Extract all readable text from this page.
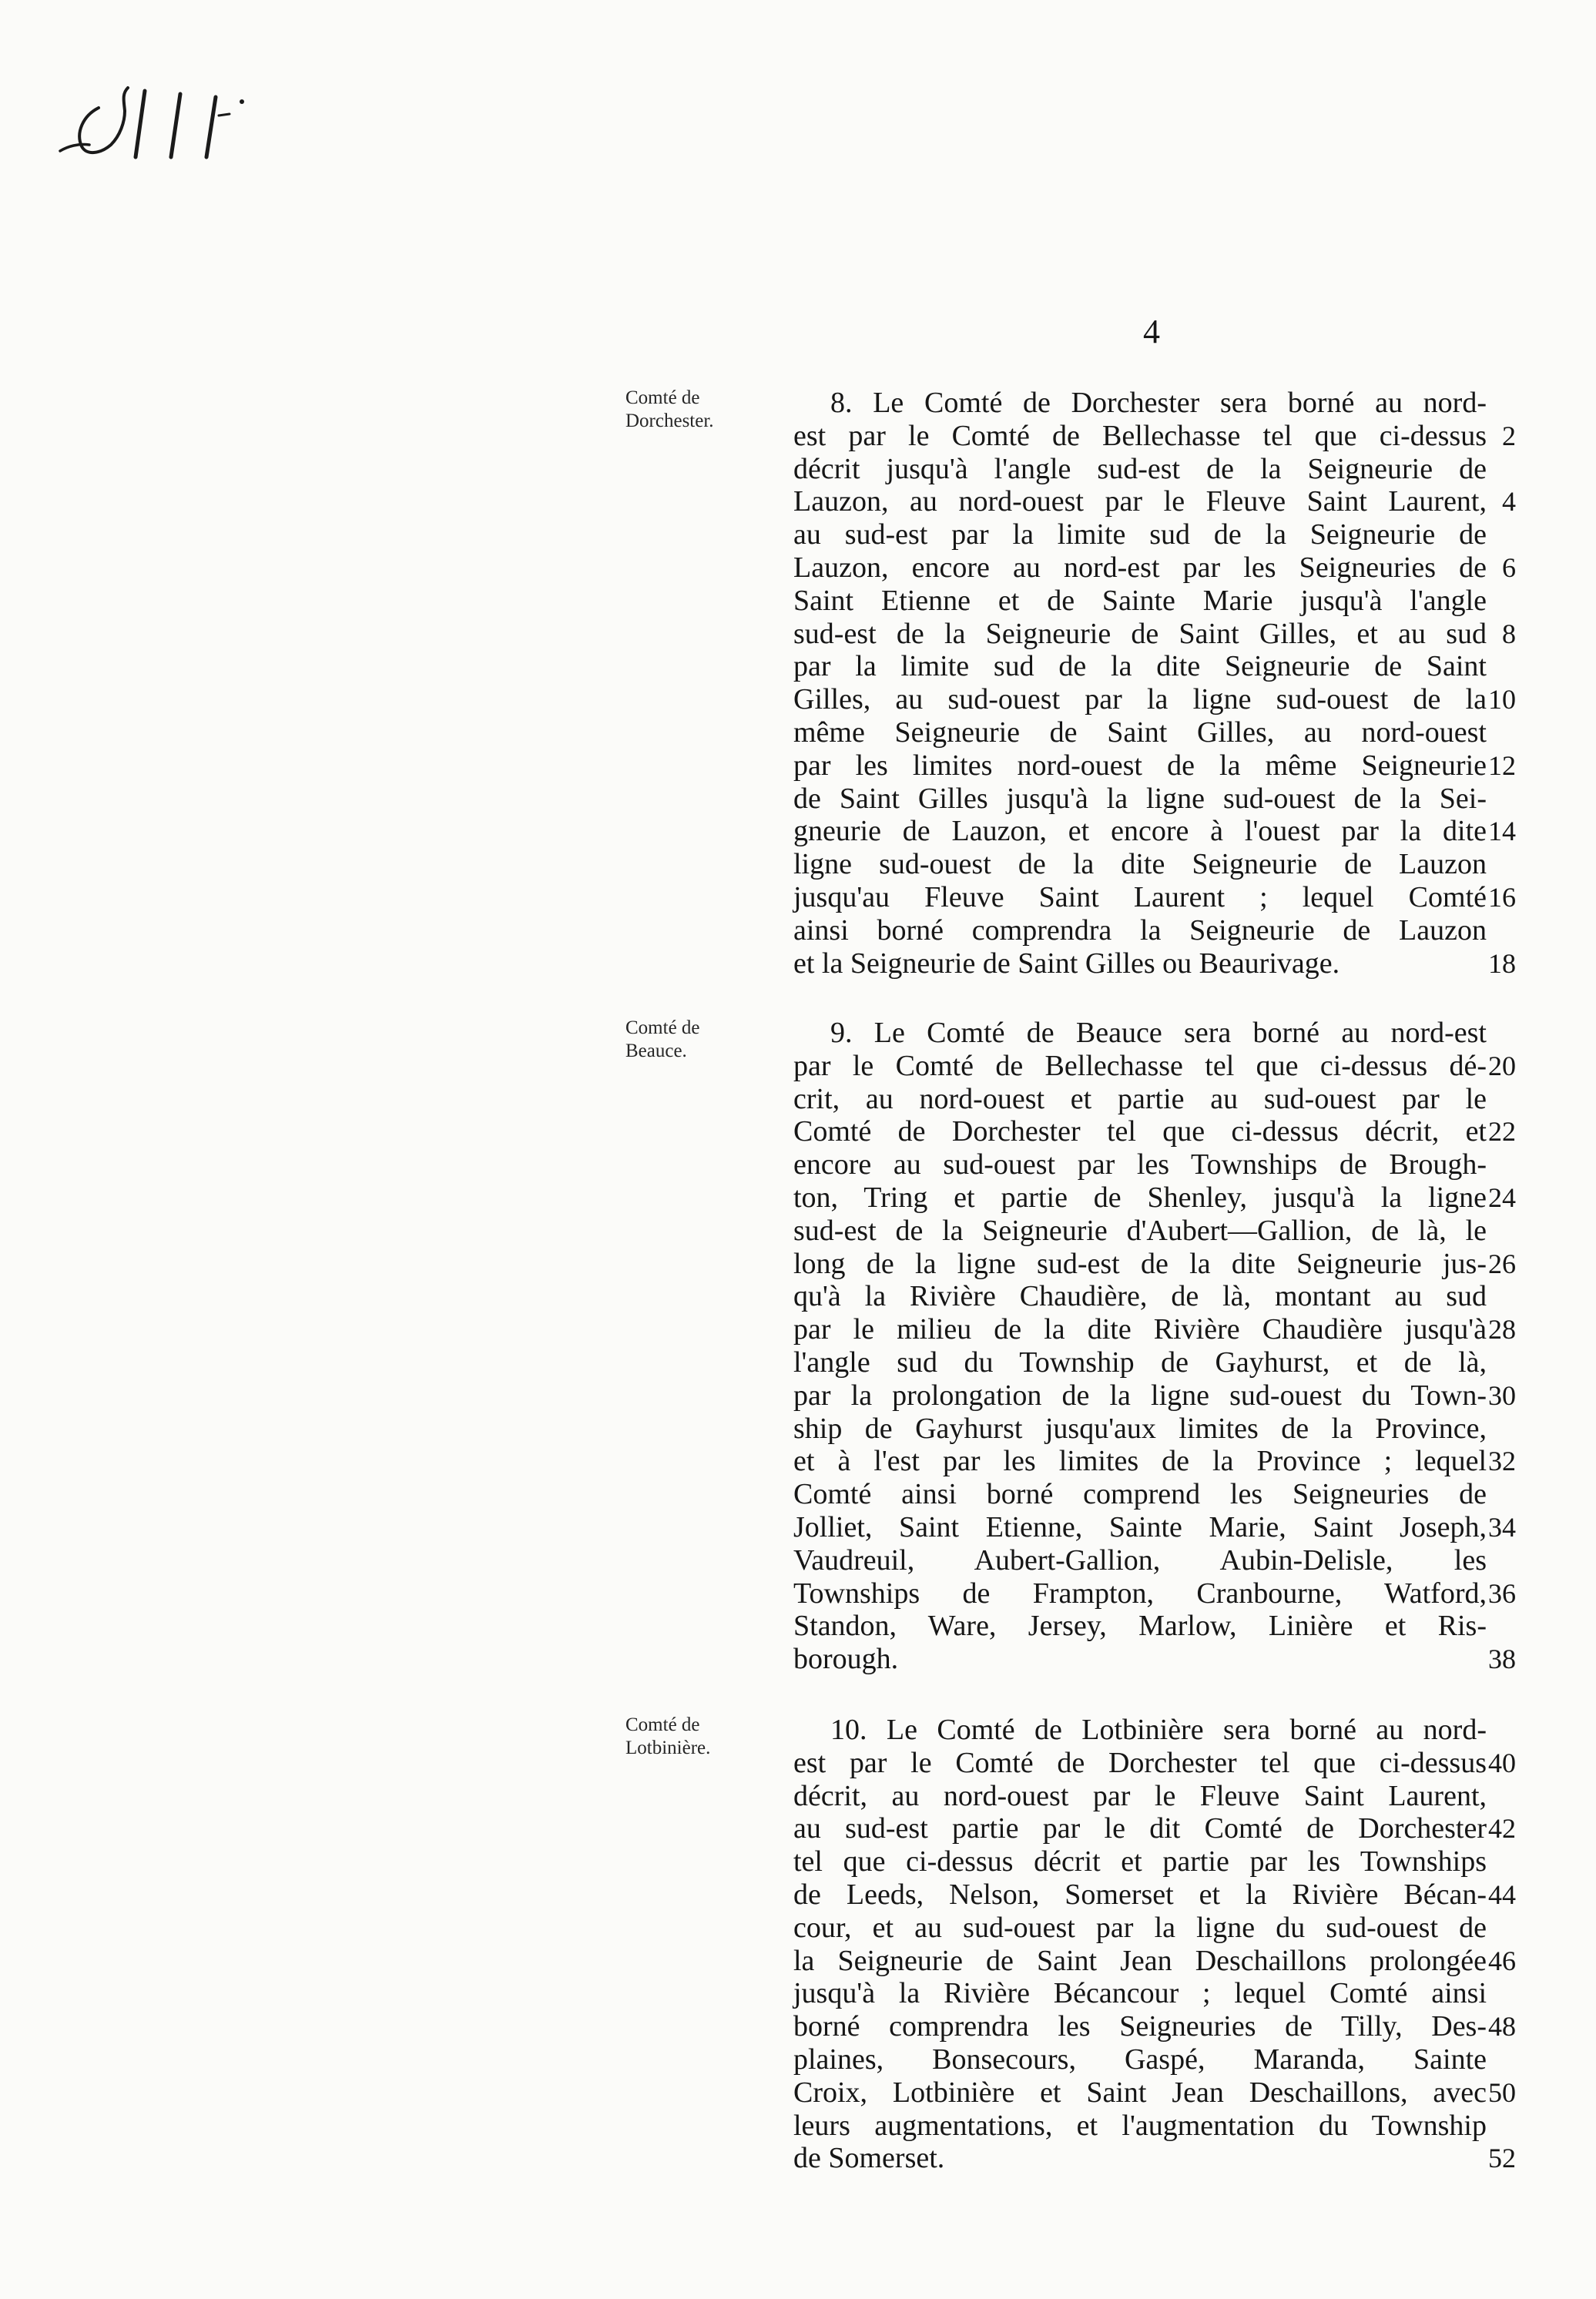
1111
4
Comté de
Dorchester.
8. Le Comté de Dorchester sera borné au nord-
est par le Comté de Bellechasse tel que ci-dessus 2
décrit jusqu'à l'angle sud-est de la Seigneurie de
Lauzon, au nord-ouest par le Fleuve Saint Laurent, 4
au sud-est par la limite sud de la Seigneurie de
Lauzon, encore au nord-est par les Seigneuries de 6
Saint Etienne et de Sainte Marie jusqu'à l'angle
sud-est de la Seigneurie de Saint Gilles, et au sud 8
par la limite sud de la dite Seigneurie de Saint
Gilles, au sud-ouest par la ligne sud-ouest de la 10
même Seigneurie de Saint Gilles, au nord-ouest
par les limites nord-ouest de la même Seigneurie 12
de Saint Gilles jusqu'à la ligne sud-ouest de la Sei-
gneurie de Lauzon, et encore à l'ouest par la dite 14
ligne sud-ouest de la dite Seigneurie de Lauzon
jusqu'au Fleuve Saint Laurent ; lequel Comté 16
ainsi borné comprendra la Seigneurie de Lauzon
et la Seigneurie de Saint Gilles ou Beaurivage.	18
Comté de
Beauce.
9. Le Comté de Beauce sera borné au nord-est
par le Comté de Bellechasse tel que ci-dessus dé- 20
crit, au nord-ouest et partie au sud-ouest par le
Comté de Dorchester tel que ci-dessus décrit, et 22
encore au sud-ouest par les Townships de Brough-
ton, Tring et partie de Shenley, jusqu'à la ligne 24
sud-est de la Seigneurie d'Aubert—Gallion, de là, le
long de la ligne sud-est de la dite Seigneurie jus- 26
qu'à la Rivière Chaudière, de là, montant au sud
par le milieu de la dite Rivière Chaudière jusqu'à 28
l'angle sud du Township de Gayhurst, et de là,
par la prolongation de la ligne sud-ouest du Town- 30
ship de Gayhurst jusqu'aux limites de la Province,
et à l'est par les limites de la Province ; lequel 32
Comté ainsi borné comprend les Seigneuries de
Jolliet, Saint Etienne, Sainte Marie, Saint Joseph, 34
Vaudreuil, Aubert-Gallion, Aubin-Delisle, les
Townships de Frampton, Cranbourne, Watford, 36
Standon, Ware, Jersey, Marlow, Linière et Ris-
borough.	38
Comté de
Lotbinière.
10. Le Comté de Lotbinière sera borné au nord-
est par le Comté de Dorchester tel que ci-dessus 40
décrit, au nord-ouest par le Fleuve Saint Laurent,
au sud-est partie par le dit Comté de Dorchester 42
tel que ci-dessus décrit et partie par les Townships
de Leeds, Nelson, Somerset et la Rivière Bécan- 44
cour, et au sud-ouest par la ligne du sud-ouest de
la Seigneurie de Saint Jean Deschaillons prolongée 46
jusqu'à la Rivière Bécancour ; lequel Comté ainsi
borné comprendra les Seigneuries de Tilly, Des- 48
plaines, Bonsecours, Gaspé, Maranda, Sainte
Croix, Lotbinière et Saint Jean Deschaillons, avec 50
leurs augmentations, et l'augmentation du Township
de Somerset.	52
